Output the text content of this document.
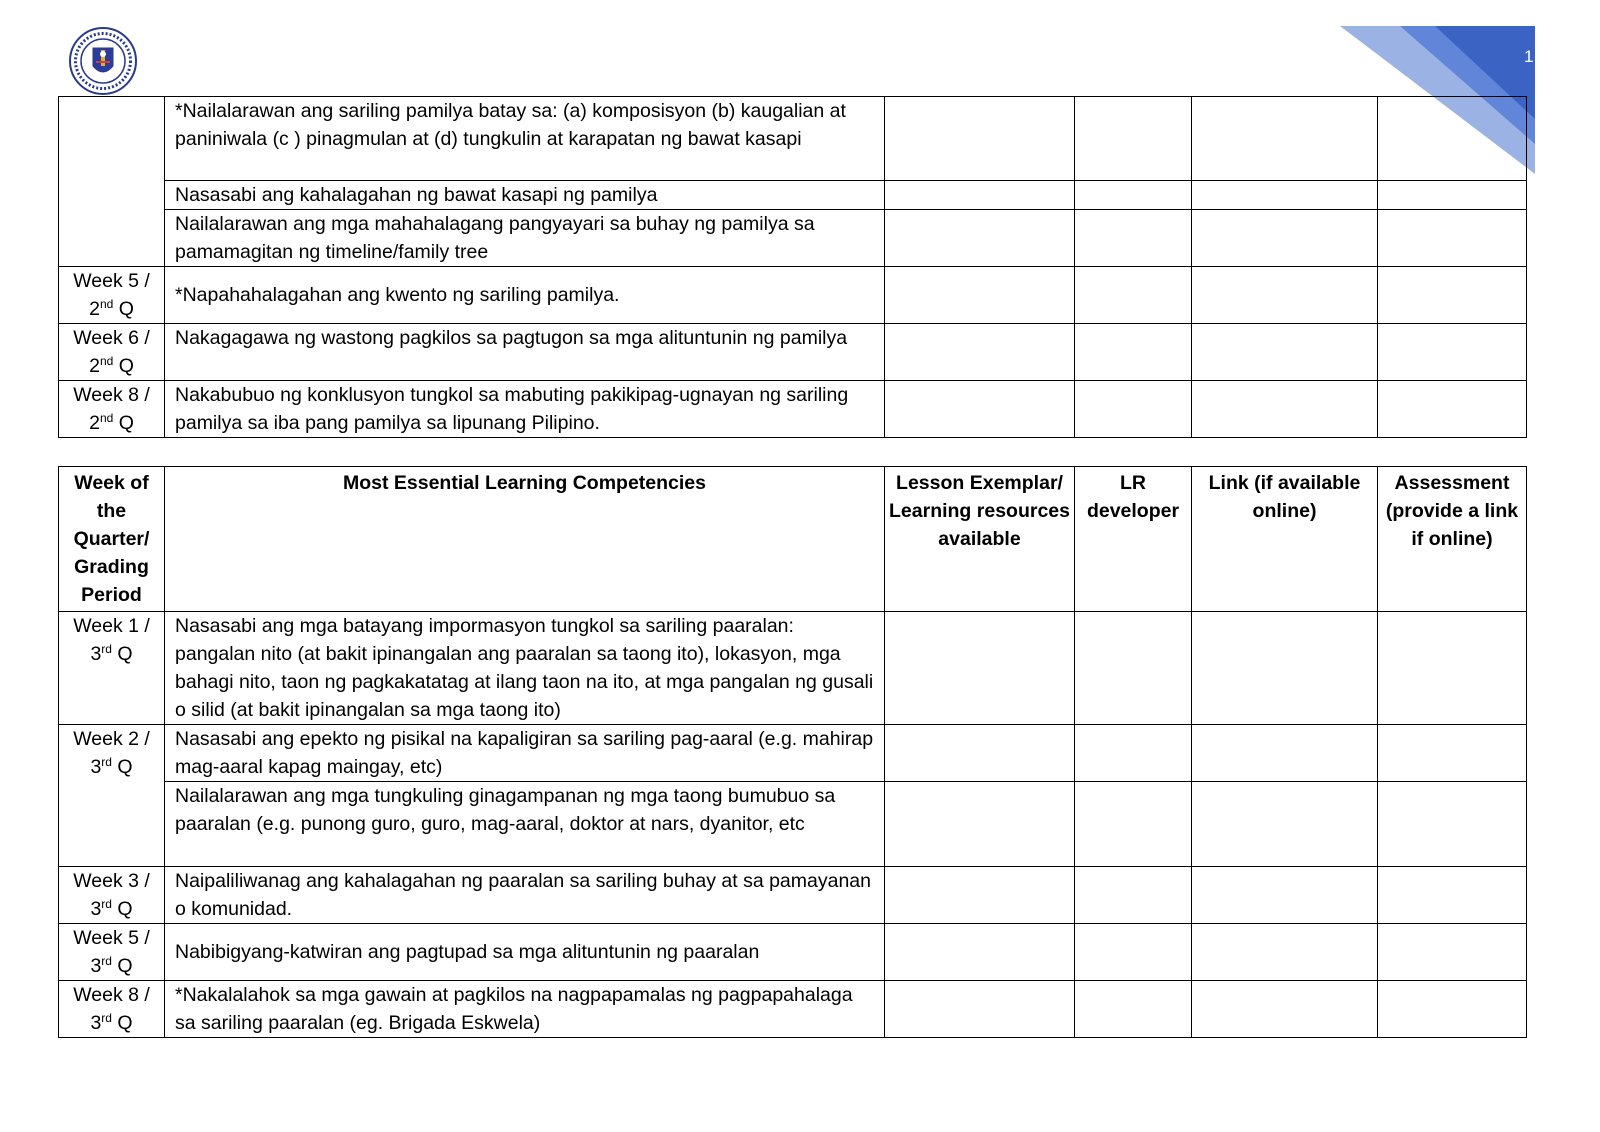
15
	*Nailalarawan ang sariling pamilya batay sa: (a) komposisyon (b) kaugalian at paniniwala (c ) pinagmulan at (d) tungkulin at karapatan ng bawat kasapi				
	Nasasabi ang kahalagahan ng bawat kasapi ng pamilya				
	Nailalarawan ang mga mahahalagang pangyayari sa buhay ng pamilya sa pamamagitan ng timeline/family tree				
Week 5 /
2nd Q	*Napahahalagahan ang kwento ng sariling pamilya.				
Week 6 /
2nd Q	Nakagagawa ng wastong pagkilos sa pagtugon sa mga alituntunin ng pamilya				
Week 8 /
2nd Q	Nakabubuo ng konklusyon tungkol sa mabuting pakikipag-ugnayan ng sariling pamilya sa iba pang pamilya sa lipunang Pilipino.				
Week of the Quarter/ Grading Period	Most Essential Learning Competencies	Lesson Exemplar/ Learning resources available	LR developer	Link (if available online)	Assessment (provide a link if online)
Week 1 /
3rd Q	Nasasabi ang mga batayang impormasyon tungkol sa sariling paaralan: pangalan nito (at bakit ipinangalan ang paaralan sa taong ito), lokasyon, mga bahagi nito, taon ng pagkakatatag at ilang taon na ito, at mga pangalan ng gusali o silid (at bakit ipinangalan sa mga taong ito)				
Week 2 /
3rd Q	Nasasabi ang epekto ng pisikal na kapaligiran sa sariling pag-aaral (e.g. mahirap mag-aaral kapag maingay, etc)				
	Nailalarawan ang mga tungkuling ginagampanan ng mga taong bumubuo sa paaralan (e.g. punong guro, guro, mag-aaral, doktor at nars, dyanitor, etc				
Week 3 /
3rd Q	Naipaliliwanag ang kahalagahan ng paaralan sa sariling buhay at sa pamayanan o komunidad.				
Week 5 /
3rd Q	Nabibigyang-katwiran ang pagtupad sa mga alituntunin ng paaralan				
Week 8 /
3rd Q	*Nakalalahok sa mga gawain at pagkilos na nagpapamalas ng pagpapahalaga sa sariling paaralan (eg. Brigada Eskwela)				
